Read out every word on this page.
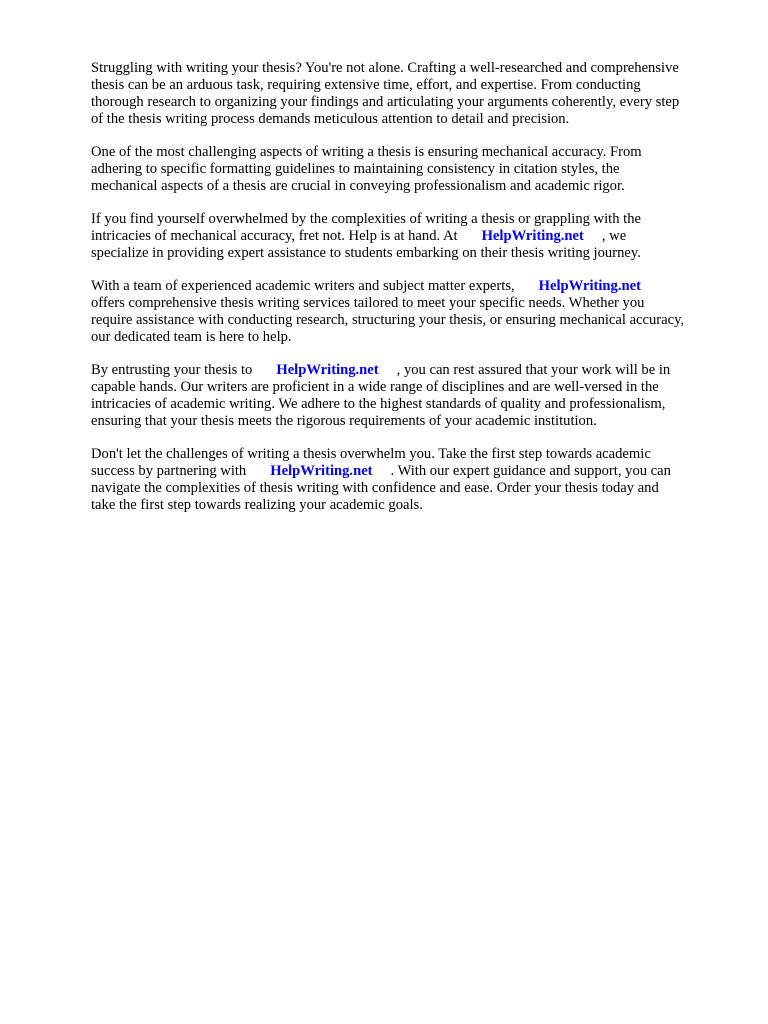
Struggling with writing your thesis? You're not alone. Crafting a well-researched and comprehensive
thesis can be an arduous task, requiring extensive time, effort, and expertise. From conducting
thorough research to organizing your findings and articulating your arguments coherently, every step
of the thesis writing process demands meticulous attention to detail and precision.

One of the most challenging aspects of writing a thesis is ensuring mechanical accuracy. From
adhering to specific formatting guidelines to maintaining consistency in citation styles, the
mechanical aspects of a thesis are crucial in conveying professionalism and academic rigor.

If you find yourself overwhelmed by the complexities of writing a thesis or grappling with the
intricacies of mechanical accuracy, fret not. Help is at hand. At HelpWriting.net , we
specialize in providing expert assistance to students embarking on their thesis writing journey.

With a team of experienced academic writers and subject matter experts, HelpWriting.net
offers comprehensive thesis writing services tailored to meet your specific needs. Whether you
require assistance with conducting research, structuring your thesis, or ensuring mechanical accuracy,
our dedicated team is here to help.

By entrusting your thesis to HelpWriting.net , you can rest assured that your work will be in
capable hands. Our writers are proficient in a wide range of disciplines and are well-versed in the
intricacies of academic writing. We adhere to the highest standards of quality and professionalism,
ensuring that your thesis meets the rigorous requirements of your academic institution.

Don't let the challenges of writing a thesis overwhelm you. Take the first step towards academic
success by partnering with HelpWriting.net . With our expert guidance and support, you can
navigate the complexities of thesis writing with confidence and ease. Order your thesis today and
take the first step towards realizing your academic goals.
